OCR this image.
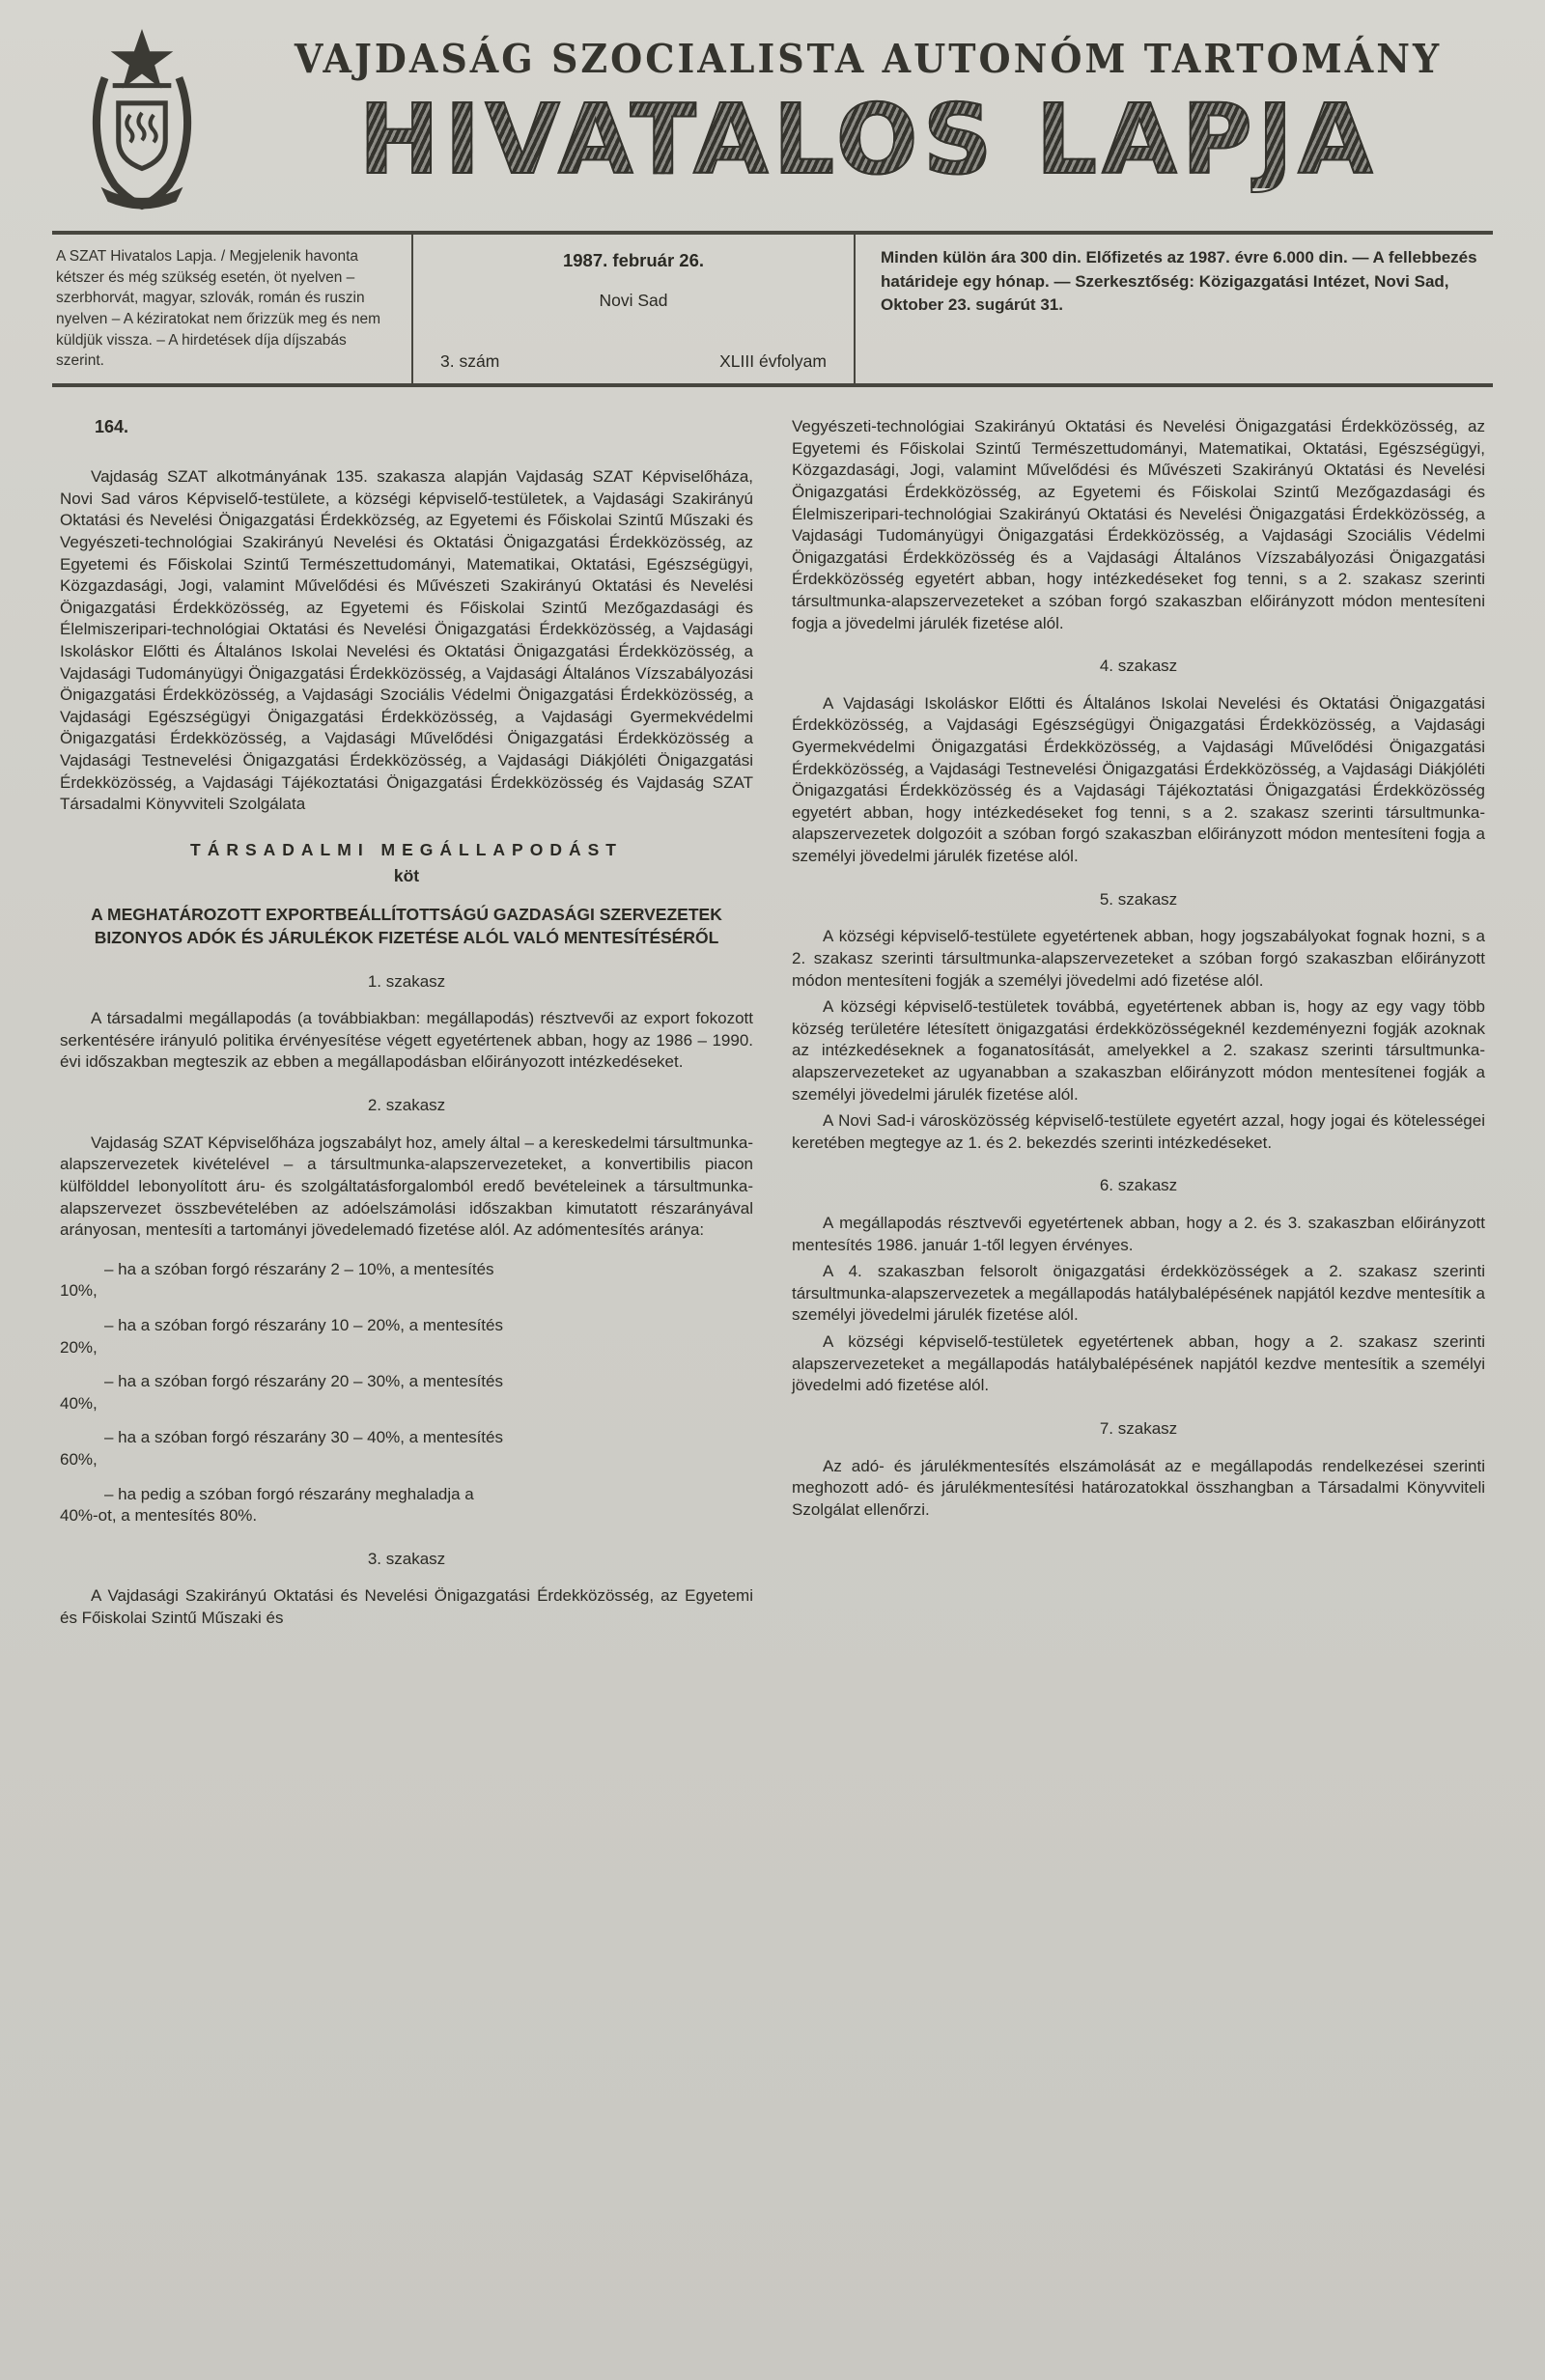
VAJDASÁG SZOCIALISTA AUTONÓM TARTOMÁNY
HIVATALOS LAPJA
A SZAT Hivatalos Lapja. / Megjelenik havonta kétszer és még szükség esetén, öt nyelven – szerbhorvát, magyar, szlovák, román és ruszin nyelven – A kéziratokat nem őrizzük meg és nem küldjük vissza. – A hirdetések díja díjszabás szerint.
1987. február 26.
Novi Sad
3. szám	XLIII évfolyam
Minden külön ára 300 din. Előfizetés az 1987. évre 6.000 din. — A fellebbezés határideje egy hónap. — Szerkesztőség: Közigazgatási Intézet, Novi Sad, Oktober 23. sugárút 31.
164.

Vajdaság SZAT alkotmányának 135. szakasza alapján Vajdaság SZAT Képviselőháza, Novi Sad város Képviselő-testülete, a községi képviselő-testületek, a Vajdasági Szakirányú Oktatási és Nevelési Önigazgatási Érdekközség, az Egyetemi és Főiskolai Szintű Műszaki és Vegyészeti-technológiai Szakirányú Nevelési és Oktatási Önigazgatási Érdekközösség, az Egyetemi és Főiskolai Szintű Természettudományi, Matematikai, Oktatási, Egészségügyi, Közgazdasági, Jogi, valamint Művelődési és Művészeti Szakirányú Oktatási és Nevelési Önigazgatási Érdekközösség, az Egyetemi és Főiskolai Szintű Mezőgazdasági és Élelmiszeripari-technológiai Oktatási és Nevelési Önigazgatási Érdekközösség, a Vajdasági Iskoláskor Előtti és Általános Iskolai Nevelési és Oktatási Önigazgatási Érdekközösség, a Vajdasági Tudományügyi Önigazgatási Érdekközösség, a Vajdasági Általános Vízszabályozási Önigazgatási Érdekközösség, a Vajdasági Szociális Védelmi Önigazgatási Érdekközösség, a Vajdasági Egészségügyi Önigazgatási Érdekközösség, a Vajdasági Gyermekvédelmi Önigazgatási Érdekközösség, a Vajdasági Művelődési Önigazgatási Érdekközösség a Vajdasági Testnevelési Önigazgatási Érdekközösség, a Vajdasági Diákjóléti Önigazgatási Érdekközösség, a Vajdasági Tájékoztatási Önigazgatási Érdekközösség és Vajdaság SZAT Társadalmi Könyvviteli Szolgálata

TÁRSADALMI MEGÁLLAPODÁST
köt
A MEGHATÁROZOTT EXPORTBEÁLLÍTOTTSÁGÚ GAZDASÁGI SZERVEZETEK BIZONYOS ADÓK ÉS JÁRULÉKOK FIZETÉSE ALÓL VALÓ MENTESÍTÉSÉRŐL
1. szakasz

A társadalmi megállapodás (a továbbiakban: megállapodás) résztvevői az export fokozott serkentésére irányuló politika érvényesítése végett egyetértenek abban, hogy az 1986 – 1990. évi időszakban megteszik az ebben a megállapodásban előirányozott intézkedéseket.

2. szakasz

Vajdaság SZAT Képviselőháza jogszabályt hoz, amely által – a kereskedelmi társultmunka-alapszervezetek kivételével – a társultmunka-alapszervezeteket, a konvertibilis piacon külfölddel lebonyolított áru- és szolgáltatásforgalomból eredő bevételeinek a társultmunka-alapszervezet összbevételében az adóelszámolási időszakban kimutatott részarányával arányosan, mentesíti a tartományi jövedelemadó fizetése alól. Az adómentesítés aránya:

– ha a szóban forgó részarány 2 – 10%, a mentesítés
10%,
– ha a szóban forgó részarány 10 – 20%, a mentesítés
20%,
– ha a szóban forgó részarány 20 – 30%, a mentesítés
40%,
– ha a szóban forgó részarány 30 – 40%, a mentesítés
60%,
– ha pedig a szóban forgó részarány meghaladja a
40%-ot, a mentesítés 80%.
3. szakasz

A Vajdasági Szakirányú Oktatási és Nevelési Önigazgatási Érdekközösség, az Egyetemi és Főiskolai Szintű Műszaki és

Vegyészeti-technológiai Szakirányú Oktatási és Nevelési Önigazgatási Érdekközösség, az Egyetemi és Főiskolai Szintű Természettudományi, Matematikai, Oktatási, Egészségügyi, Közgazdasági, Jogi, valamint Művelődési és Művészeti Szakirányú Oktatási és Nevelési Önigazgatási Érdekközösség, az Egyetemi és Főiskolai Szintű Mezőgazdasági és Élelmiszeripari-technológiai Szakirányú Oktatási és Nevelési Önigazgatási Érdekközösség, a Vajdasági Tudományügyi Önigazgatási Érdekközösség, a Vajdasági Szociális Védelmi Önigazgatási Érdekközösség és a Vajdasági Általános Vízszabályozási Önigazgatási Érdekközösség egyetért abban, hogy intézkedéseket fog tenni, s a 2. szakasz szerinti társultmunka-alapszervezeteket a szóban forgó szakaszban előirányzott módon mentesíteni fogja a jövedelmi járulék fizetése alól.

4. szakasz

A Vajdasági Iskoláskor Előtti és Általános Iskolai Nevelési és Oktatási Önigazgatási Érdekközösség, a Vajdasági Egészségügyi Önigazgatási Érdekközösség, a Vajdasági Gyermekvédelmi Önigazgatási Érdekközösség, a Vajdasági Művelődési Önigazgatási Érdekközösség, a Vajdasági Testnevelési Önigazgatási Érdekközösség, a Vajdasági Diákjóléti Önigazgatási Érdekközösség és a Vajdasági Tájékoztatási Önigazgatási Érdekközösség egyetért abban, hogy intézkedéseket fog tenni, s a 2. szakasz szerinti társultmunka-alapszervezetek dolgozóit a szóban forgó szakaszban előirányzott módon mentesíteni fogja a személyi jövedelmi járulék fizetése alól.

5. szakasz

A községi képviselő-testülete egyetértenek abban, hogy jogszabályokat fognak hozni, s a 2. szakasz szerinti társultmunka-alapszervezeteket a szóban forgó szakaszban előirányzott módon mentesíteni fogják a személyi jövedelmi adó fizetése alól.

A községi képviselő-testületek továbbá, egyetértenek abban is, hogy az egy vagy több község területére létesített önigazgatási érdekközösségeknél kezdeményezni fogják azoknak az intézkedéseknek a foganatosítását, amelyekkel a 2. szakasz szerinti társultmunka-alapszervezeteket az ugyanabban a szakaszban előirányzott módon mentesítenei fogják a személyi jövedelmi járulék fizetése alól.

A Novi Sad-i városközösség képviselő-testülete egyetért azzal, hogy jogai és kötelességei keretében megtegye az 1. és 2. bekezdés szerinti intézkedéseket.

6. szakasz

A megállapodás résztvevői egyetértenek abban, hogy a 2. és 3. szakaszban előirányzott mentesítés 1986. január 1-től legyen érvényes.

A 4. szakaszban felsorolt önigazgatási érdekközösségek a 2. szakasz szerinti társultmunka-alapszervezetek a megállapodás hatálybalépésének napjától kezdve mentesítik a személyi jövedelmi járulék fizetése alól.

A községi képviselő-testületek egyetértenek abban, hogy a 2. szakasz szerinti alapszervezeteket a megállapodás hatálybalépésének napjától kezdve mentesítik a személyi jövedelmi adó fizetése alól.

7. szakasz

Az adó- és járulékmentesítés elszámolását az e megállapodás rendelkezései szerinti meghozott adó- és járulékmentesítési határozatokkal összhangban a Társadalmi Könyvviteli Szolgálat ellenőrzi.
